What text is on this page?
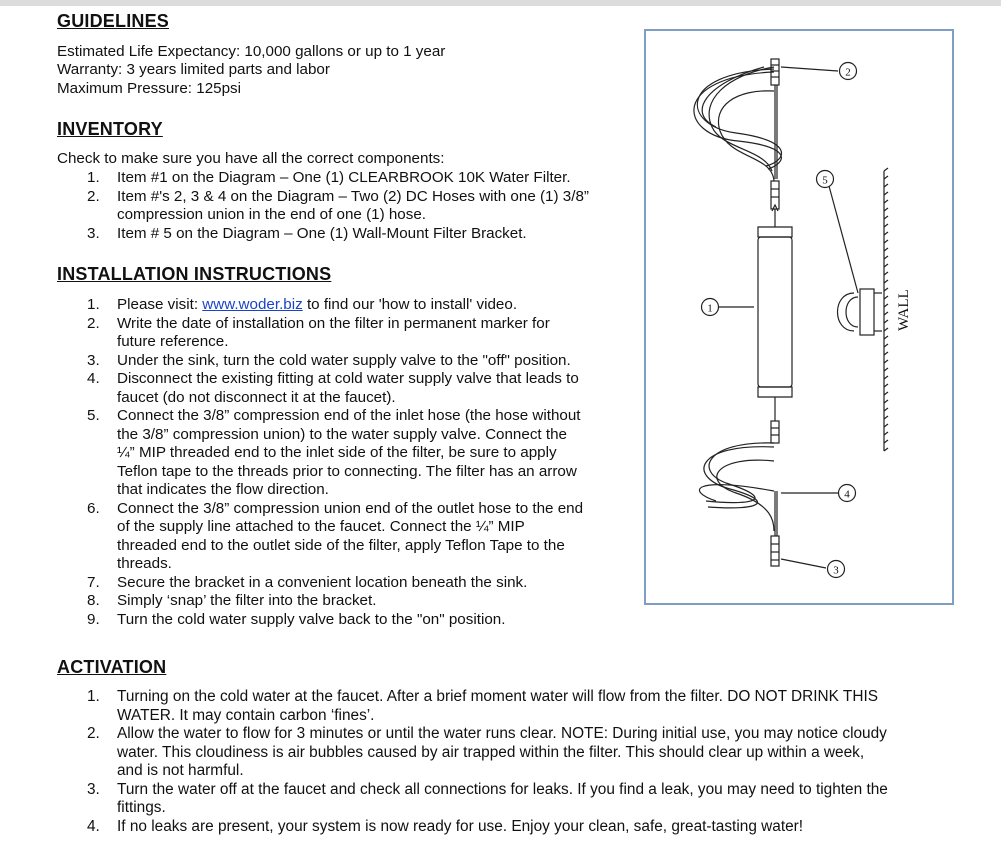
GUIDELINES

Estimated Life Expectancy: 10,000 gallons or up to 1 year

Warranty: 3 years limited parts and labor

Maximum Pressure: 125psi

INVENTORY

Check to make sure you have all the correct components:

1. Item #1 on the Diagram – One (1) CLEARBROOK 10K Water Filter.
2. Item #'s 2, 3 & 4 on the Diagram – Two (2) DC Hoses with one (1) 3/8”
compression union in the end of one (1) hose.
3. Item # 5 on the Diagram – One (1) Wall-Mount Filter Bracket.
INSTALLATION INSTRUCTIONS
1. Please visit: www.woder.biz to find our 'how to install' video.
2. Write the date of installation on the filter in permanent marker for
future reference.
3. Under the sink, turn the cold water supply valve to the "off" position.
4. Disconnect the existing fitting at cold water supply valve that leads to
faucet (do not disconnect it at the faucet).
5. Connect the 3/8” compression end of the inlet hose (the hose without
the 3/8” compression union) to the water supply valve. Connect the
¼” MIP threaded end to the inlet side of the filter, be sure to apply
Teflon tape to the threads prior to connecting. The filter has an arrow
that indicates the flow direction.
6. Connect the 3/8” compression union end of the outlet hose to the end
of the supply line attached to the faucet. Connect the ¼” MIP
threaded end to the outlet side of the filter, apply Teflon Tape to the
threads.
7. Secure the bracket in a convenient location beneath the sink.
8. Simply ‘snap’ the filter into the bracket.
9. Turn the cold water supply valve back to the "on" position.
ACTIVATION
1. Turning on the cold water at the faucet. After a brief moment water will flow from the filter. DO NOT DRINK THIS
WATER. It may contain carbon ‘fines’.
2. Allow the water to flow for 3 minutes or until the water runs clear. NOTE: During initial use, you may notice cloudy
water. This cloudiness is air bubbles caused by air trapped within the filter. This should clear up within a week,
and is not harmful.
3. Turn the water off at the faucet and check all connections for leaks. If you find a leak, you may need to tighten the
fittings.
4. If no leaks are present, your system is now ready for use. Enjoy your clean, safe, great-tasting water!
WALL
1
2
3
4
5
